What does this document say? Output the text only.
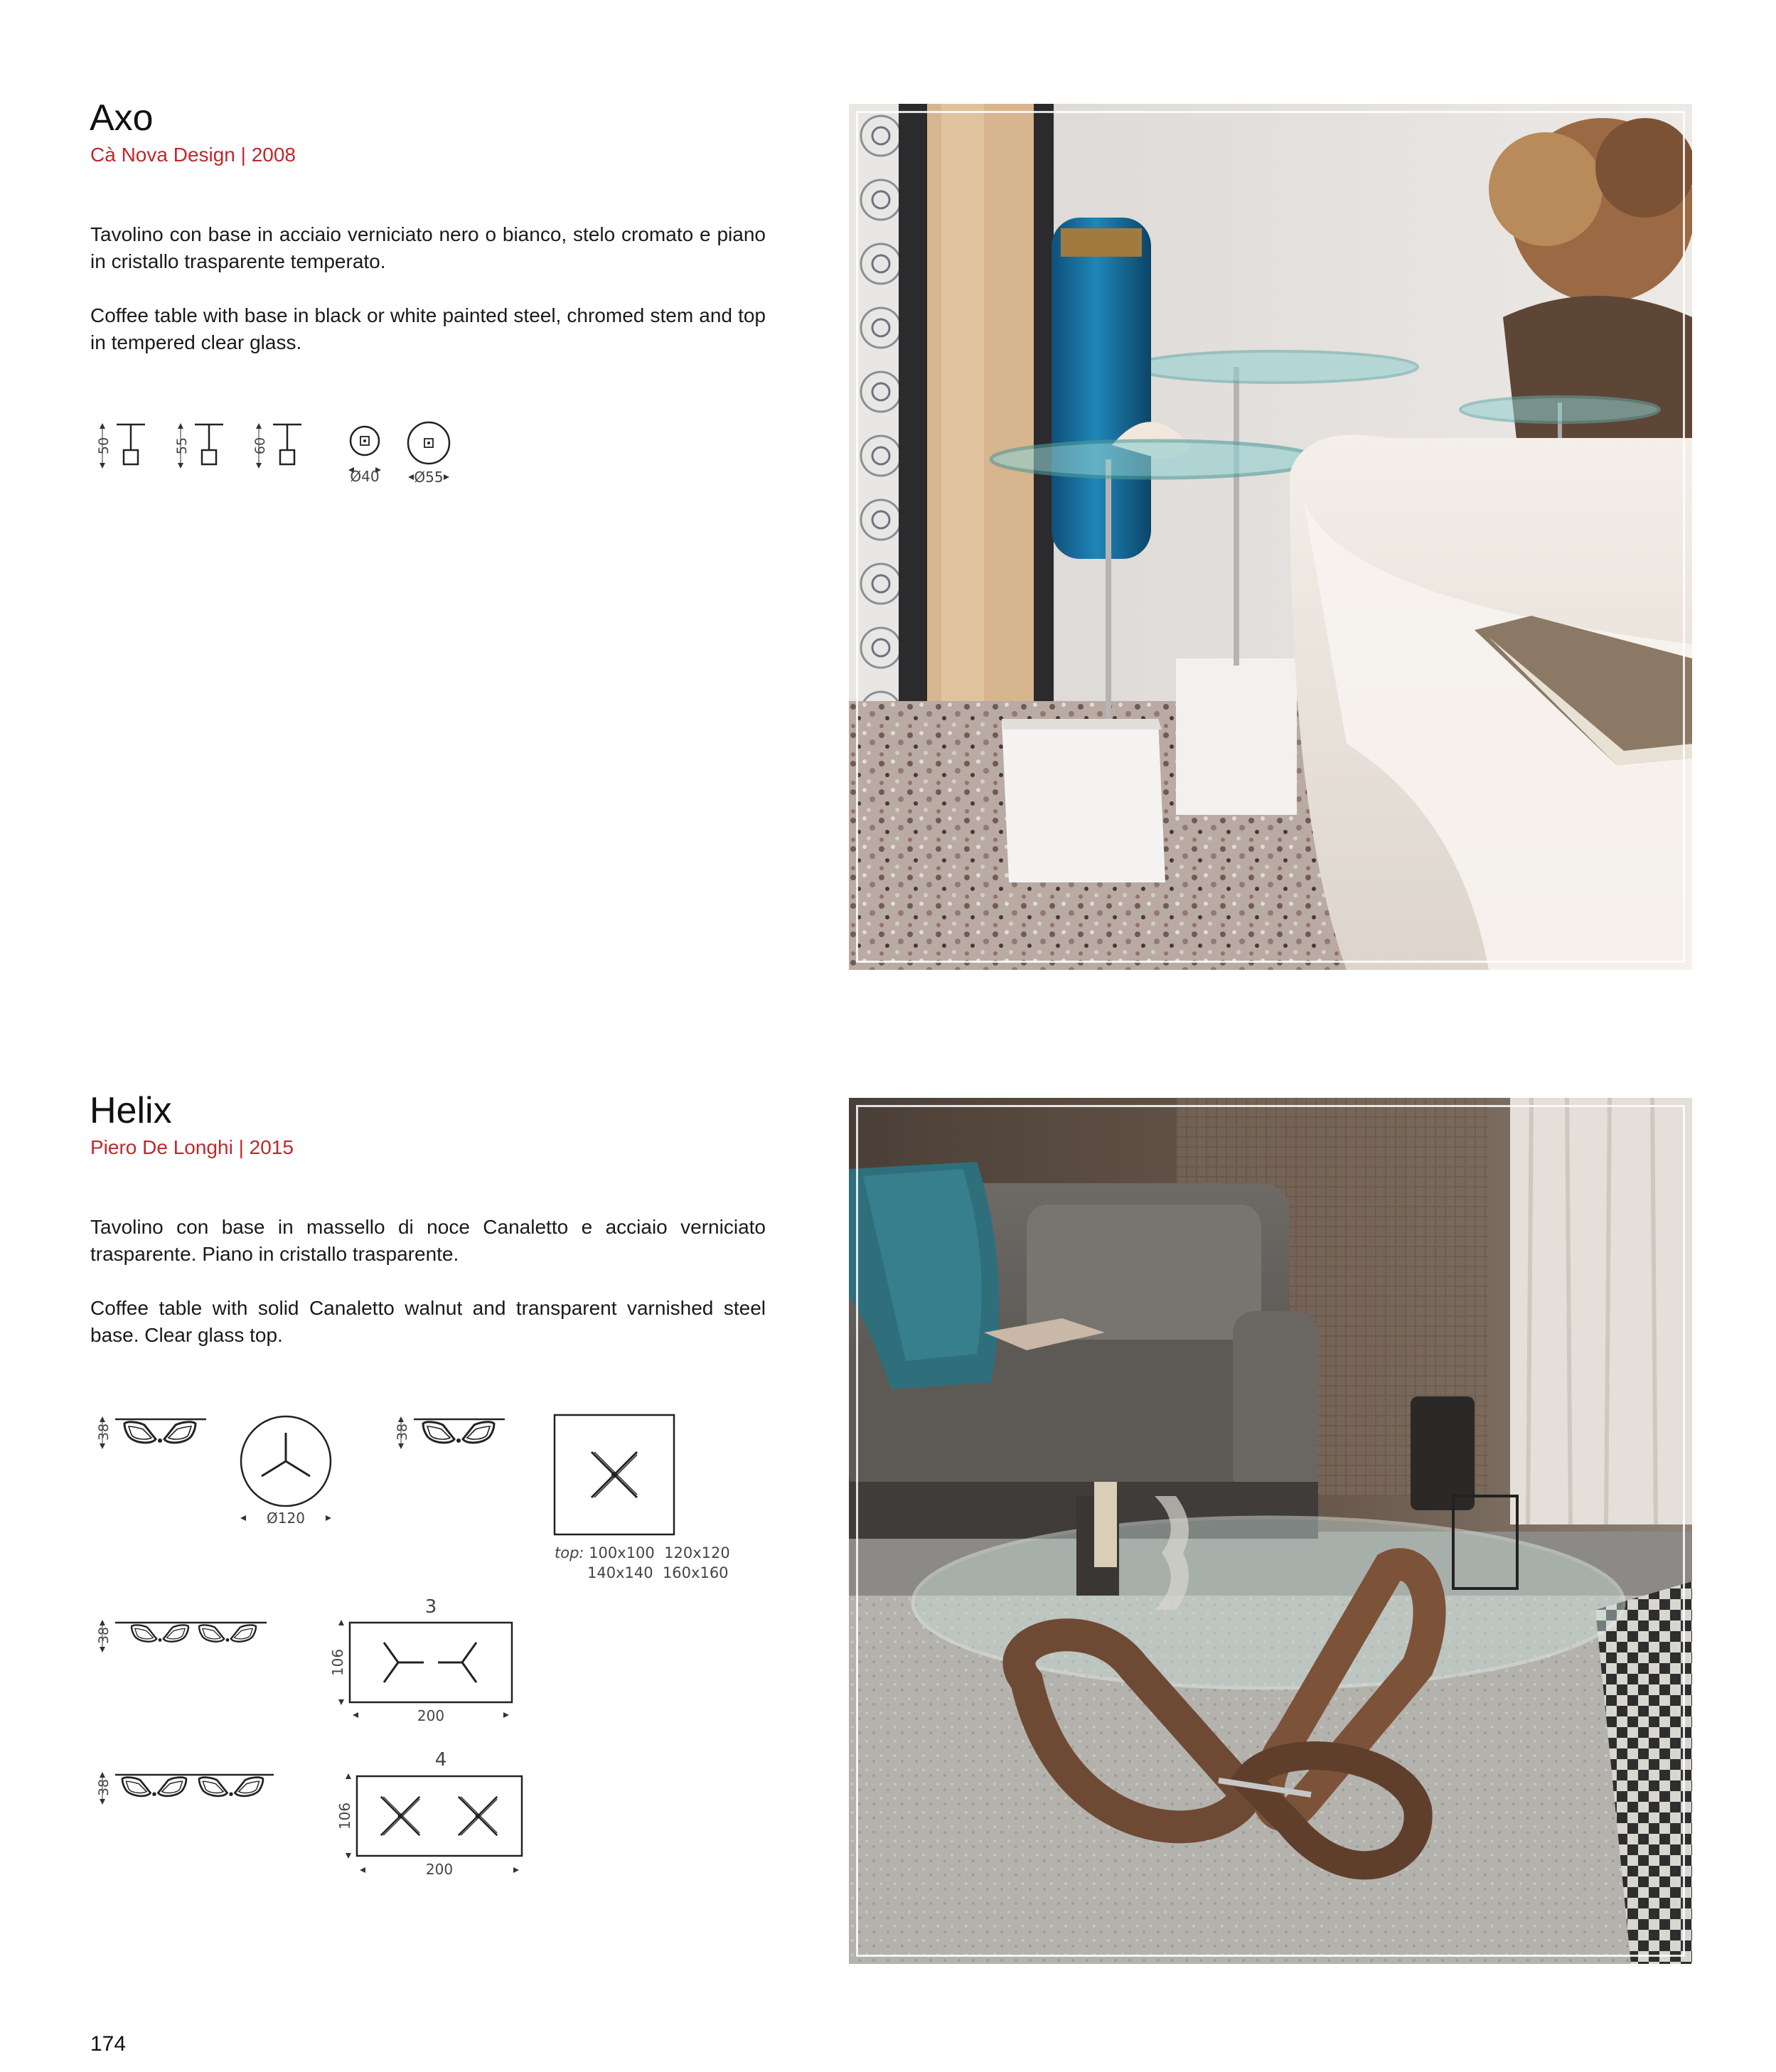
Axo
Cà Nova Design | 2008

Tavolino con base in acciaio verniciato nero o bianco, stelo cromato e piano in cristallo trasparente temperato.

Coffee table with base in black or white painted steel, chromed stem and top in tempered clear glass.

50	55	60
Ø40 Ø55
Helix
Piero De Longhi | 2015

Tavolino con base in massello di noce Canaletto e acciaio verniciato trasparente. Piano in cristallo trasparente.

Coffee table with solid Canaletto walnut and transparent varnished steel base. Clear glass top.

38
Ø120
38
38
3
106
200
38
4
106
200
top: 100x100  120x120
140x140  160x160
174
